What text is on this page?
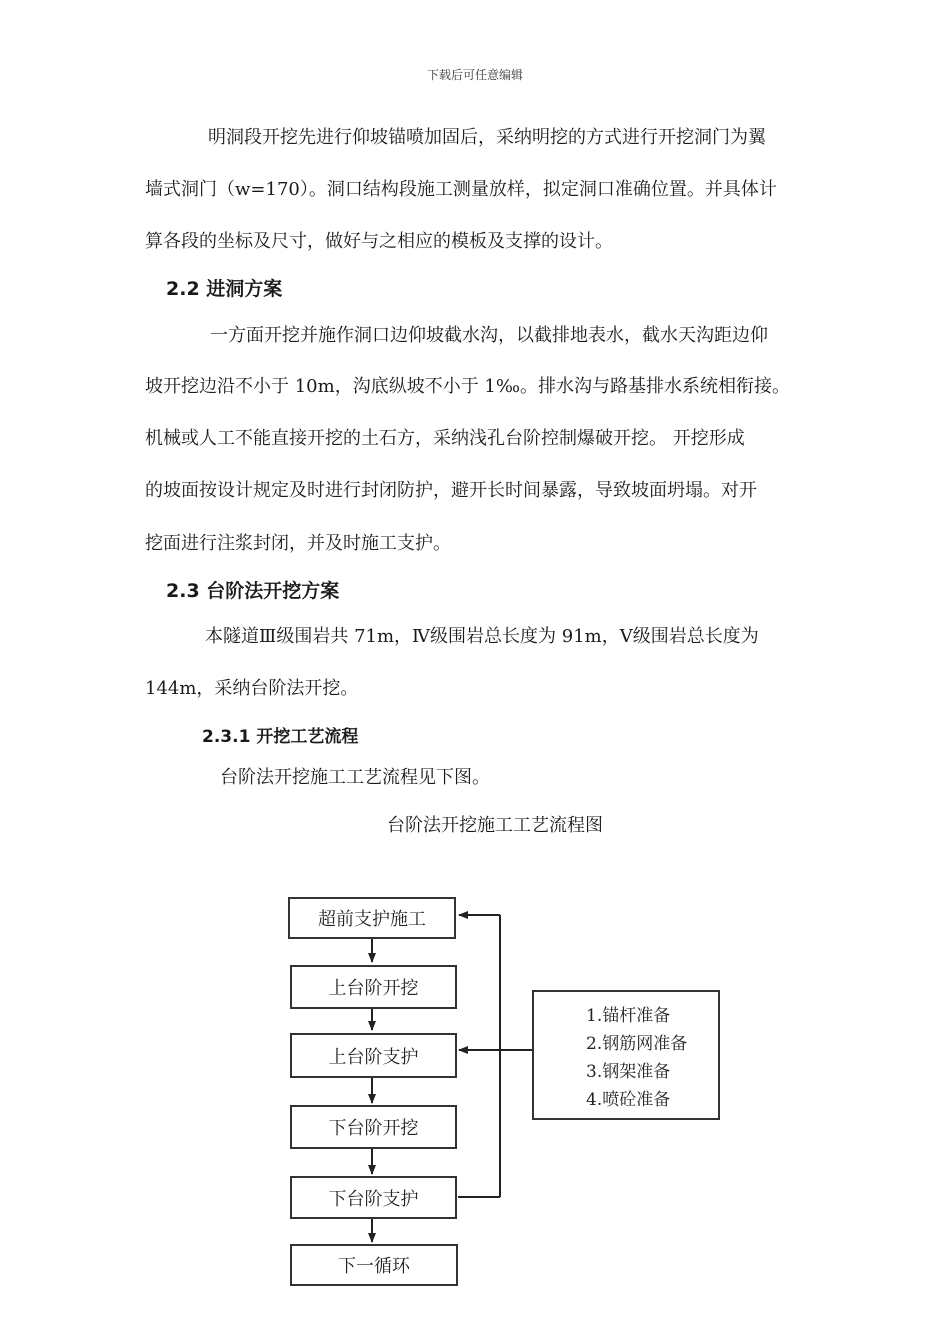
下载后可任意编辑
明洞段开挖先进行仰坡锚喷加固后，采纳明挖的方式进行开挖洞门为翼
墙式洞门（w=170）。洞口结构段施工测量放样，拟定洞口准确位置。并具体计
算各段的坐标及尺寸，做好与之相应的模板及支撑的设计。
2.2 进洞方案
一方面开挖并施作洞口边仰坡截水沟，以截排地表水，截水天沟距边仰
坡开挖边沿不小于 10m，沟底纵坡不小于 1‰。排水沟与路基排水系统相衔接。
机械或人工不能直接开挖的土石方，采纳浅孔台阶控制爆破开挖。 开挖形成
的坡面按设计规定及时进行封闭防护，避开长时间暴露，导致坡面坍塌。对开
挖面进行注浆封闭，并及时施工支护。
2.3 台阶法开挖方案
本隧道Ⅲ级围岩共 71m，Ⅳ级围岩总长度为 91m，Ⅴ级围岩总长度为
144m，采纳台阶法开挖。
2.3.1 开挖工艺流程
台阶法开挖施工工艺流程见下图。
台阶法开挖施工工艺流程图
超前支护施工
上台阶开挖
上台阶支护
下台阶开挖
下台阶支护
下一循环
1.锚杆准备
2.钢筋网准备
3.钢架准备
4.喷砼准备
